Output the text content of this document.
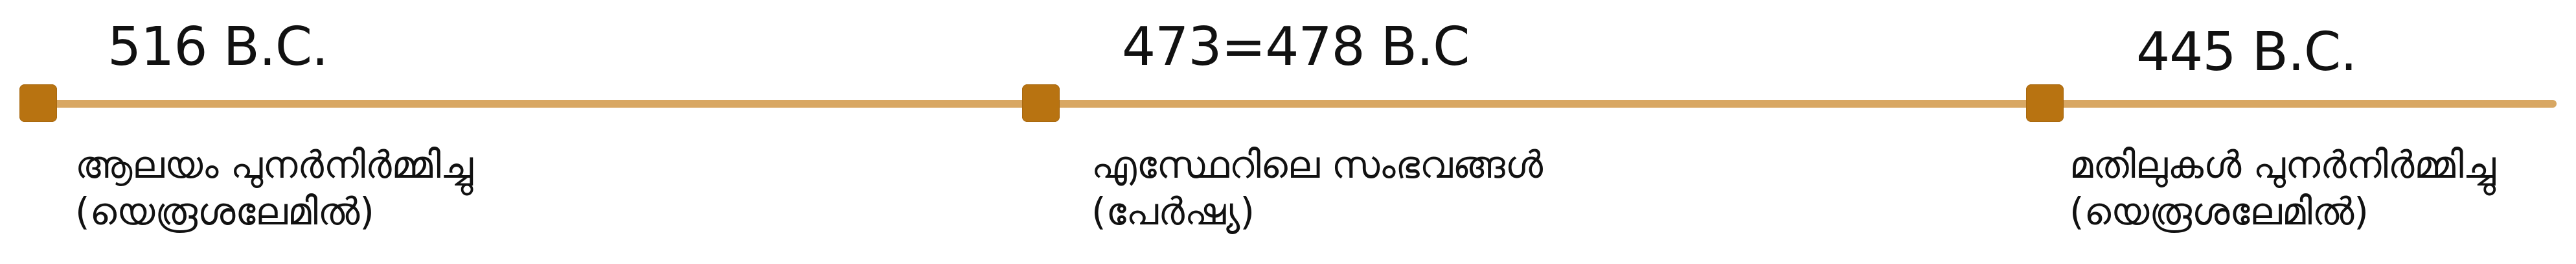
516 B.C.
ആലയം പുനർനിർമ്മിച്ചു
(യെരൂശലേമിൽ)
473=478 B.C
എസ്ഥേറിലെ സംഭവങ്ങൾ
(പേർഷ്യ)
445 B.C.
മതിലുകൾ പുനർനിർമ്മിച്ചു
(യെരൂശലേമിൽ)
